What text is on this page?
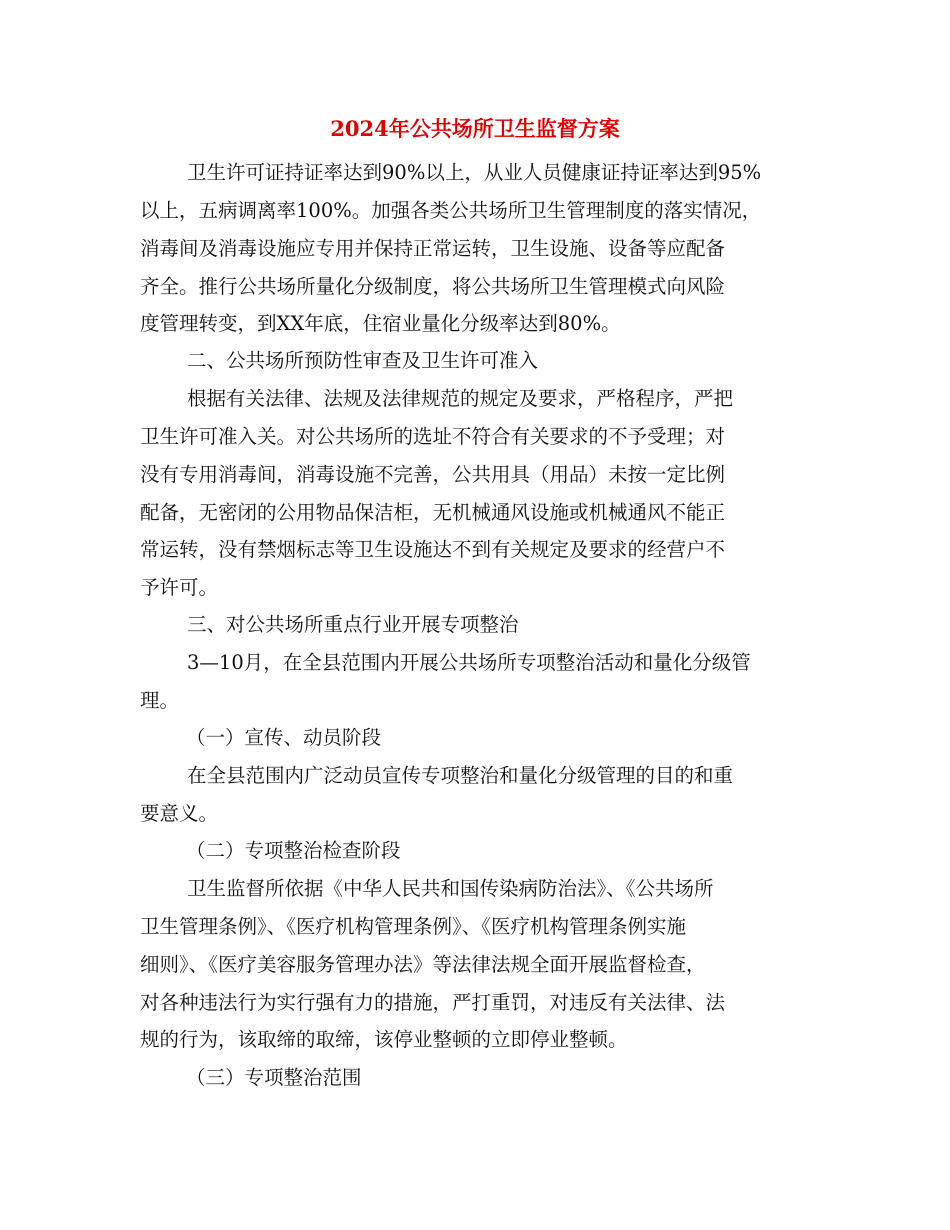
2024年公共场所卫生监督方案

卫生许可证持证率达到90%以上，从业人员健康证持证率达到95%

以上，五病调离率100%。加强各类公共场所卫生管理制度的落实情况，

消毒间及消毒设施应专用并保持正常运转，卫生设施、设备等应配备

齐全。推行公共场所量化分级制度，将公共场所卫生管理模式向风险

度管理转变，到XX年底，住宿业量化分级率达到80%。

二、公共场所预防性审查及卫生许可准入

根据有关法律、法规及法律规范的规定及要求，严格程序，严把

卫生许可准入关。对公共场所的选址不符合有关要求的不予受理；对

没有专用消毒间，消毒设施不完善，公共用具（用品）未按一定比例

配备，无密闭的公用物品保洁柜，无机械通风设施或机械通风不能正

常运转，没有禁烟标志等卫生设施达不到有关规定及要求的经营户不

予许可。

三、对公共场所重点行业开展专项整治

3—10月，在全县范围内开展公共场所专项整治活动和量化分级管

理。

（一）宣传、动员阶段

在全县范围内广泛动员宣传专项整治和量化分级管理的目的和重

要意义。

（二）专项整治检查阶段

卫生监督所依据《中华人民共和国传染病防治法》、《公共场所

卫生管理条例》、《医疗机构管理条例》、《医疗机构管理条例实施

细则》、《医疗美容服务管理办法》等法律法规全面开展监督检查，

对各种违法行为实行强有力的措施，严打重罚，对违反有关法律、法

规的行为，该取缔的取缔，该停业整顿的立即停业整顿。

（三）专项整治范围
